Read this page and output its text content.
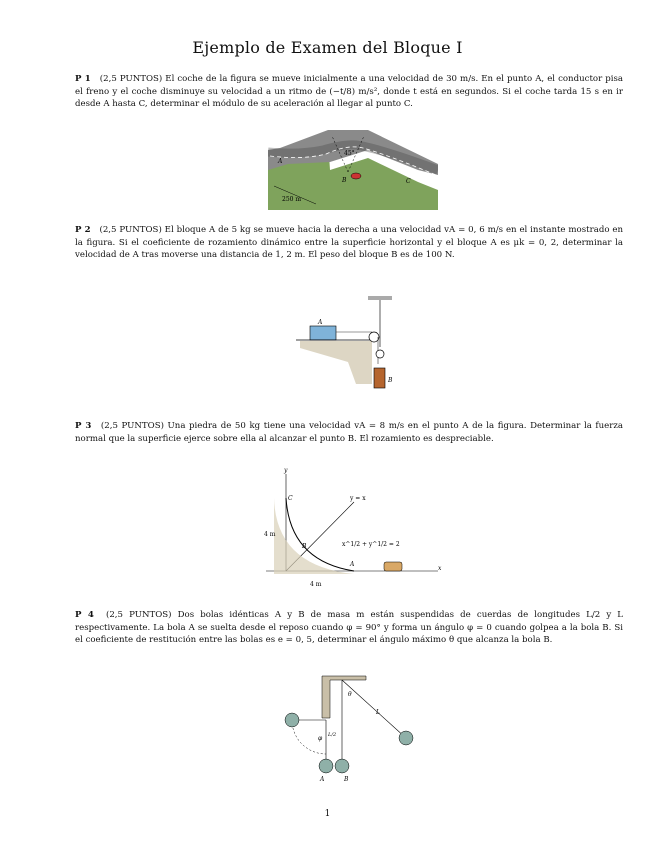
Ejemplo de Examen del Bloque I
P 1 (2,5 PUNTOS) El coche de la figura se mueve inicialmente a una velocidad de 30 m/s. En el punto A, el conductor pisa el freno y el coche disminuye su velocidad a un ritmo de (−t/8) m/s², donde t está en segundos. Si el coche tarda 15 s en ir desde A hasta C, determinar el módulo de su aceleración al llegar al punto C.
45°
A
B	C
250 m
P 2 (2,5 PUNTOS) El bloque A de 5 kg se mueve hacia la derecha a una velocidad vA = 0, 6 m/s en el instante mostrado en la figura. Si el coeficiente de rozamiento dinámico entre la superficie horizontal y el bloque A es μk = 0, 2, determinar la velocidad de A tras moverse una distancia de 1, 2 m. El peso del bloque B es de 100 N.
A
B
P 3 (2,5 PUNTOS) Una piedra de 50 kg tiene una velocidad vA = 8 m/s en el punto A de la figura. Determinar la fuerza normal que la superficie ejerce sobre ella al alcanzar el punto B. El rozamiento es despreciable.
y
x
y = x
C
B
A
x^1/2 + y^1/2 = 2
4 m
4 m
P 4 (2,5 PUNTOS) Dos bolas idénticas A y B de masa m están suspendidas de cuerdas de longitudes L/2 y L respectivamente. La bola A se suelta desde el reposo cuando φ = 90° y forma un ángulo φ = 0 cuando golpea a la bola B. Si el coeficiente de restitución entre las bolas es e = 0, 5, determinar el ángulo máximo θ que alcanza la bola B.
A	B
θ
φ L/2
L
1
